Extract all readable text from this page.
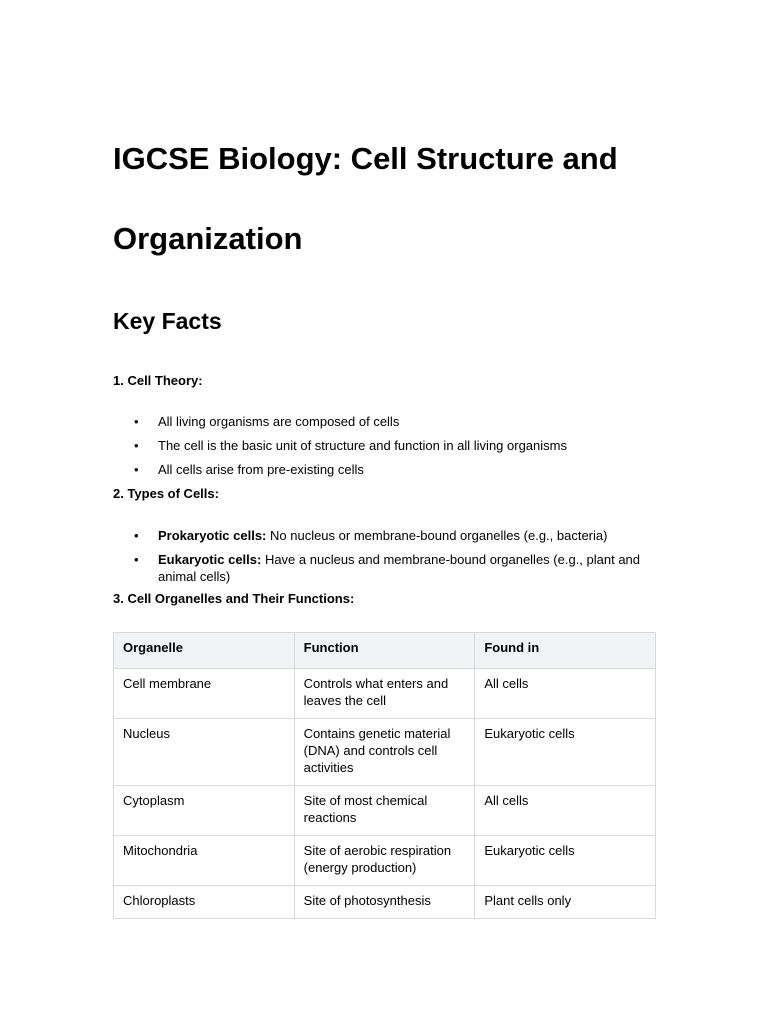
IGCSE Biology: Cell Structure and
Organization
Key Facts

1. Cell Theory:

• All living organisms are composed of cells
• The cell is the basic unit of structure and function in all living organisms
• All cells arise from pre-existing cells

2. Types of Cells:

• Prokaryotic cells: No nucleus or membrane-bound organelles (e.g., bacteria)
• Eukaryotic cells: Have a nucleus and membrane-bound organelles (e.g., plant and animal cells)

3. Cell Organelles and Their Functions:

Organelle	Function	Found in
Cell membrane	Controls what enters and leaves the cell	All cells
Nucleus	Contains genetic material (DNA) and controls cell activities	Eukaryotic cells
Cytoplasm	Site of most chemical reactions	All cells
Mitochondria	Site of aerobic respiration (energy production)	Eukaryotic cells
Chloroplasts	Site of photosynthesis	Plant cells only
